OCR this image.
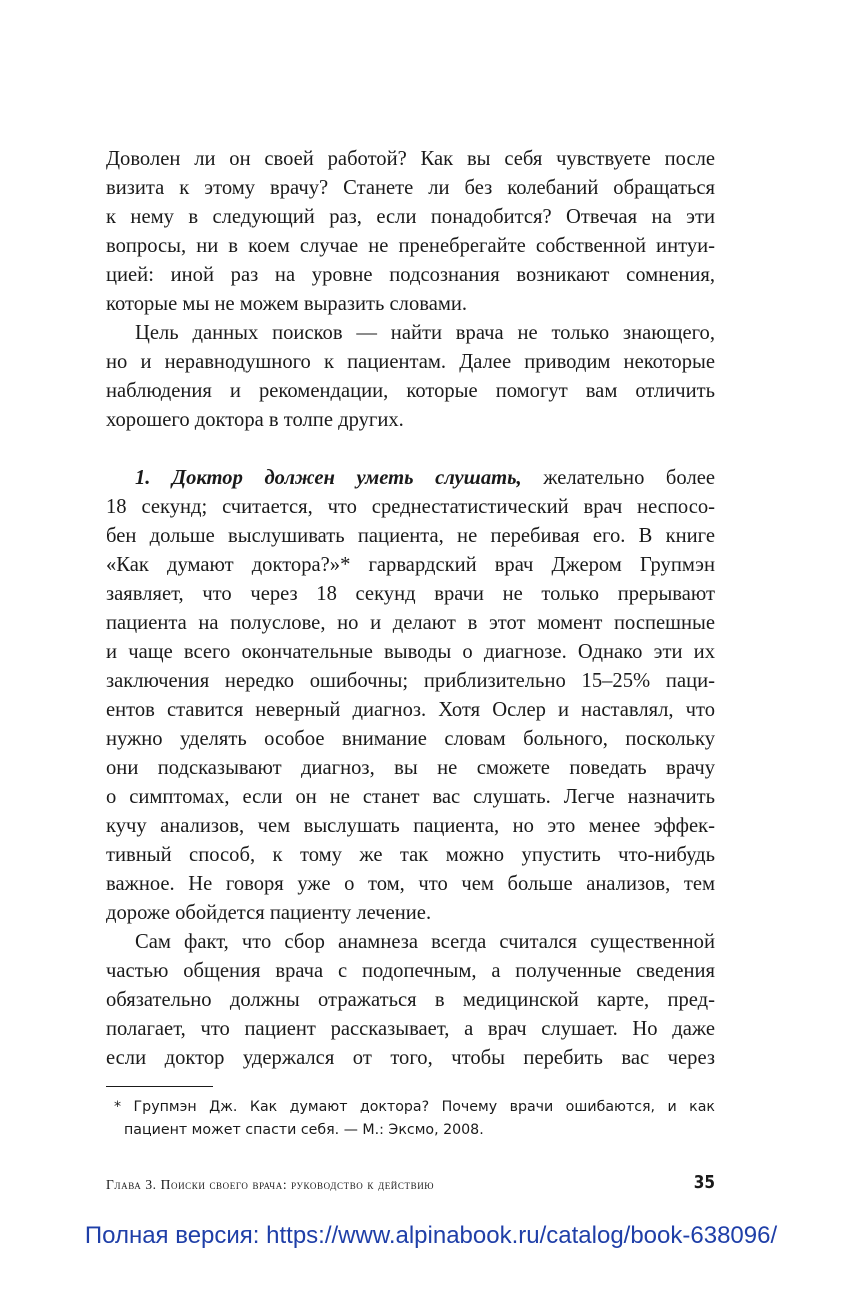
Доволен ли он своей работой? Как вы себя чувствуете после
визита к этому врачу? Станете ли без колебаний обращаться
к нему в следующий раз, если понадобится? Отвечая на эти
вопросы, ни в коем случае не пренебрегайте собственной интуи-
цией: иной раз на уровне подсознания возникают сомнения,
которые мы не можем выразить словами.
Цель данных поисков — найти врача не только знающего,
но и неравнодушного к пациентам. Далее приводим некоторые
наблюдения и рекомендации, которые помогут вам отличить
хорошего доктора в толпе других.
1. Доктор должен уметь слушать, желательно более
18 секунд; считается, что среднестатистический врач неспосо-
бен дольше выслушивать пациента, не перебивая его. В книге
«Как думают доктора?»* гарвардский врач Джером Групмэн
заявляет, что через 18 секунд врачи не только прерывают
пациента на полуслове, но и делают в этот момент поспешные
и чаще всего окончательные выводы о диагнозе. Однако эти их
заключения нередко ошибочны; приблизительно 15–25% паци-
ентов ставится неверный диагноз. Хотя Ослер и наставлял, что
нужно уделять особое внимание словам больного, поскольку
они подсказывают диагноз, вы не сможете поведать врачу
о симптомах, если он не станет вас слушать. Легче назначить
кучу анализов, чем выслушать пациента, но это менее эффек-
тивный способ, к тому же так можно упустить что-нибудь
важное. Не говоря уже о том, что чем больше анализов, тем
дороже обойдется пациенту лечение.
Сам факт, что сбор анамнеза всегда считался существенной
частью общения врача с подопечным, а полученные сведения
обязательно должны отражаться в медицинской карте, пред-
полагает, что пациент рассказывает, а врач слушает. Но даже
если доктор удержался от того, чтобы перебить вас через
* Групмэн Дж. Как думают доктора? Почему врачи ошибаются, и как
пациент может спасти себя. — М.: Эксмо, 2008.
Глава 3. Поиски своего врача: руководство к действию	35
Полная версия: https://www.alpinabook.ru/catalog/book-638096/
